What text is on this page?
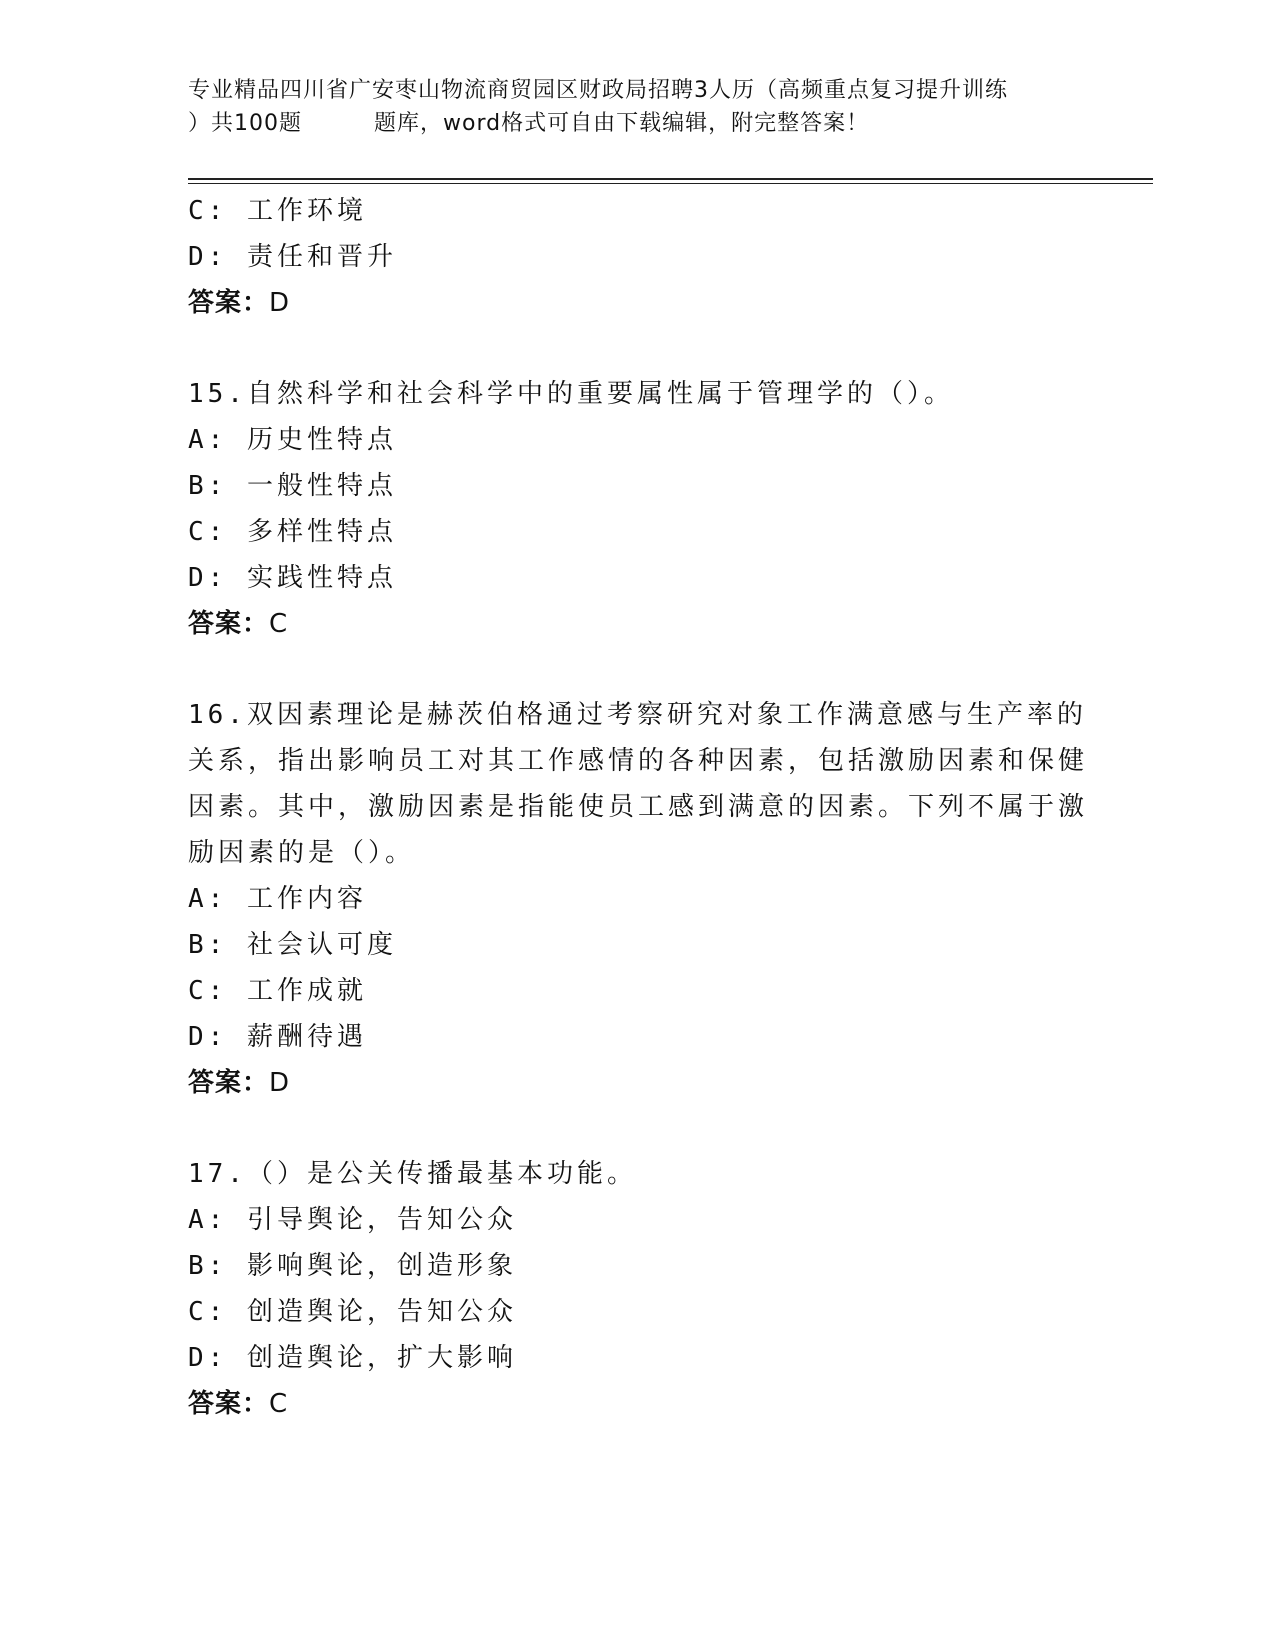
专业精品四川省广安枣山物流商贸园区财政局招聘3人历（高频重点复习提升训练
）共100题	题库，word格式可自由下载编辑，附完整答案！
C: 工作环境
D: 责任和晋升
答案：D
15.自然科学和社会科学中的重要属性属于管理学的（）。
A: 历史性特点
B: 一般性特点
C: 多样性特点
D: 实践性特点
答案：C
16.双因素理论是赫茨伯格通过考察研究对象工作满意感与生产率的关系，指出影响员工对其工作感情的各种因素，包括激励因素和保健因素。其中，激励因素是指能使员工感到满意的因素。下列不属于激励因素的是（）。
A: 工作内容
B: 社会认可度
C: 工作成就
D: 薪酬待遇
答案：D
17.（）是公关传播最基本功能。
A: 引导舆论，告知公众
B: 影响舆论，创造形象
C: 创造舆论，告知公众
D: 创造舆论，扩大影响
答案：C
